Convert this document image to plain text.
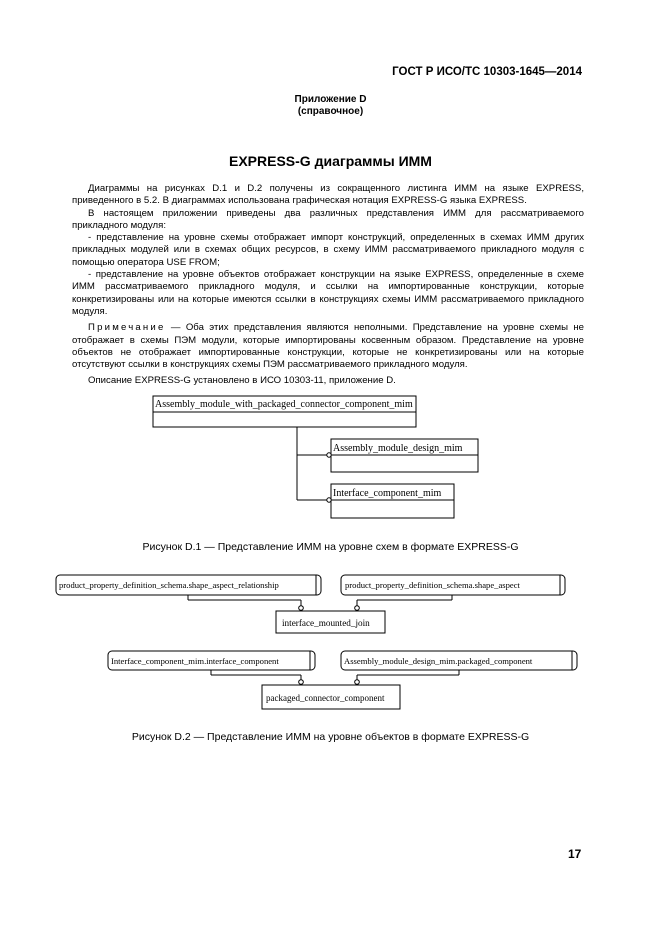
ГОСТ Р ИСО/ТС 10303-1645—2014
Приложение D
(справочное)
EXPRESS-G диаграммы ИММ

Диаграммы на рисунках D.1 и D.2 получены из сокращенного листинга ИММ на языке EXPRESS, приведенного в 5.2. В диаграммах использована графическая нотация EXPRESS-G языка EXPRESS.

В настоящем приложении приведены два различных представления ИММ для рассматриваемого прикладного модуля:

- представление на уровне схемы отображает импорт конструкций, определенных в схемах ИММ других прикладных модулей или в схемах общих ресурсов, в схему ИММ рассматриваемого прикладного модуля с помощью оператора USE FROM;

- представление на уровне объектов отображает конструкции на языке EXPRESS, определенные в схеме ИММ рассматриваемого прикладного модуля, и ссылки на импортированные конструкции, которые конкретизированы или на которые имеются ссылки в конструкциях схемы ИММ рассматриваемого прикладного модуля.

Примечание — Оба этих представления являются неполными. Представление на уровне схемы не отображает в схемы ПЭМ модули, которые импортированы косвенным образом. Представление на уровне объектов не отображает импортированные конструкции, которые не конкретизированы или на которые отсутствуют ссылки в конструкциях схемы ПЭМ рассматриваемого прикладного модуля.

Описание EXPRESS-G установлено в ИСО 10303-11, приложение D.

Assembly_module_with_packaged_connector_component_mim
Assembly_module_design_mim
Interface_component_mim
Рисунок D.1 — Представление ИММ на уровне схем в формате EXPRESS-G
product_property_definition_schema.shape_aspect_relationship	product_property_definition_schema.shape_aspect
Interface_component_mim.interface_component	Assembly_module_design_mim.packaged_component
interface_mounted_join
packaged_connector_component
Рисунок D.2 — Представление ИММ на уровне объектов в формате EXPRESS-G
17
